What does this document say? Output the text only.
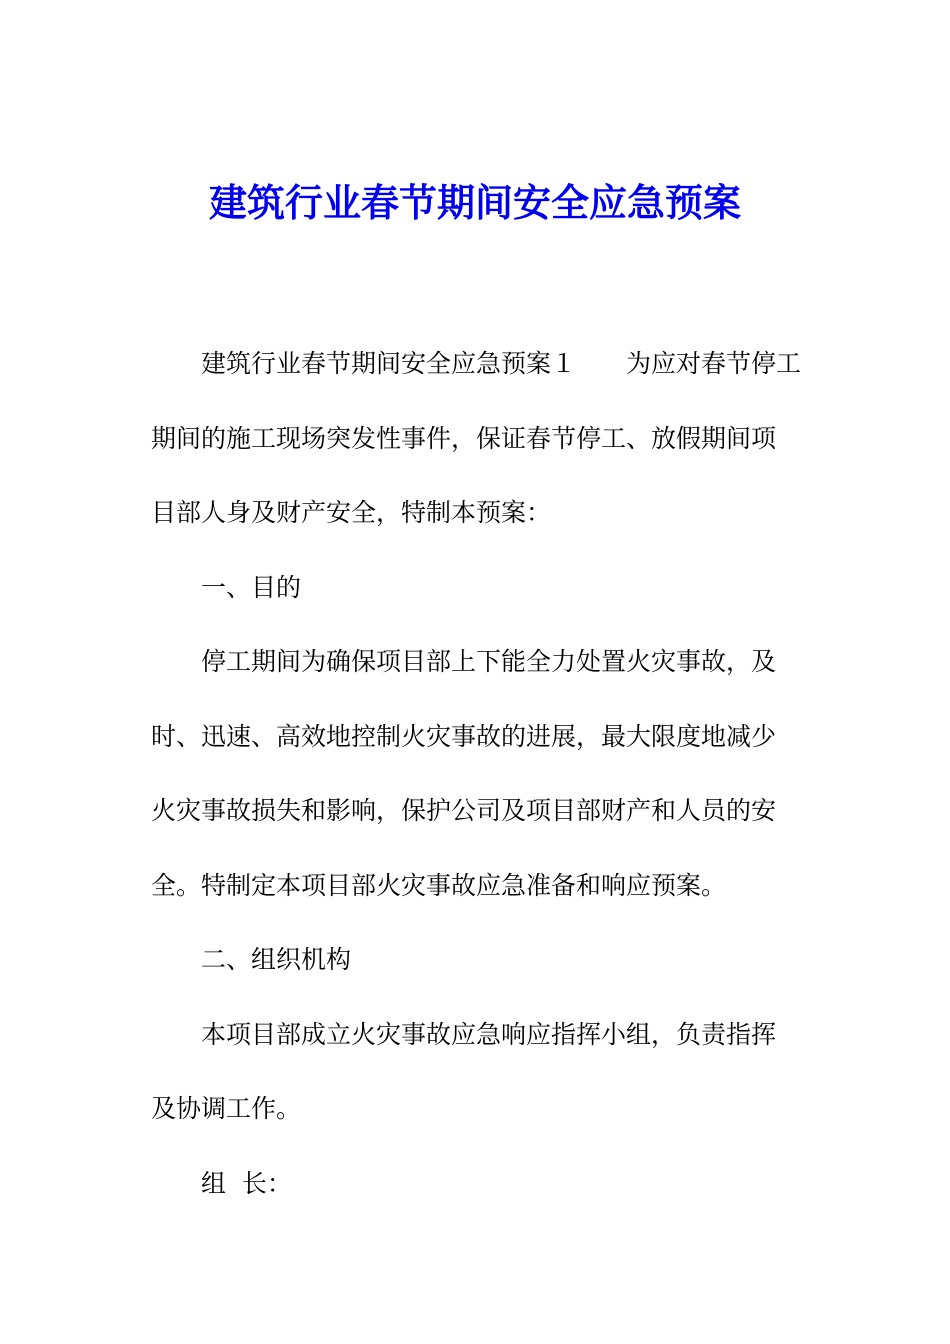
建筑行业春节期间安全应急预案
建筑行业春节期间安全应急预案１　　为应对春节停工
期间的施工现场突发性事件，保证春节停工、放假期间项
目部人身及财产安全，特制本预案：
一、目的
停工期间为确保项目部上下能全力处置火灾事故，及
时、迅速、高效地控制火灾事故的进展，最大限度地减少
火灾事故损失和影响，保护公司及项目部财产和人员的安
全。特制定本项目部火灾事故应急准备和响应预案。
二、组织机构
本项目部成立火灾事故应急响应指挥小组，负责指挥
及协调工作。
组  长：
